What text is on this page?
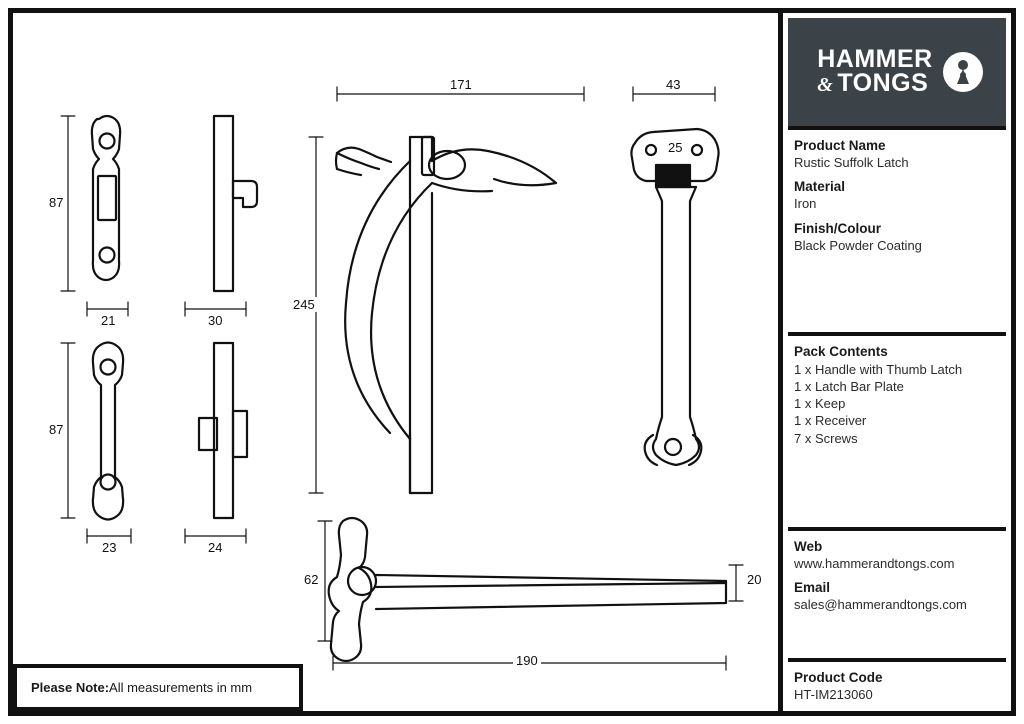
87
21	30
87
23	24
171
245
43
25
62	20
190
Please Note: All measurements in mm
HAMMER
& TONGS

Product Name

Rustic Suffolk Latch

Material

Iron

Finish/Colour

Black Powder Coating

Pack Contents

1 x Handle with Thumb Latch
1 x Latch Bar Plate
1 x Keep
1 x Receiver
7 x Screws

Web

www.hammerandtongs.com

Email

sales@hammerandtongs.com

Product Code

HT-IM213060
